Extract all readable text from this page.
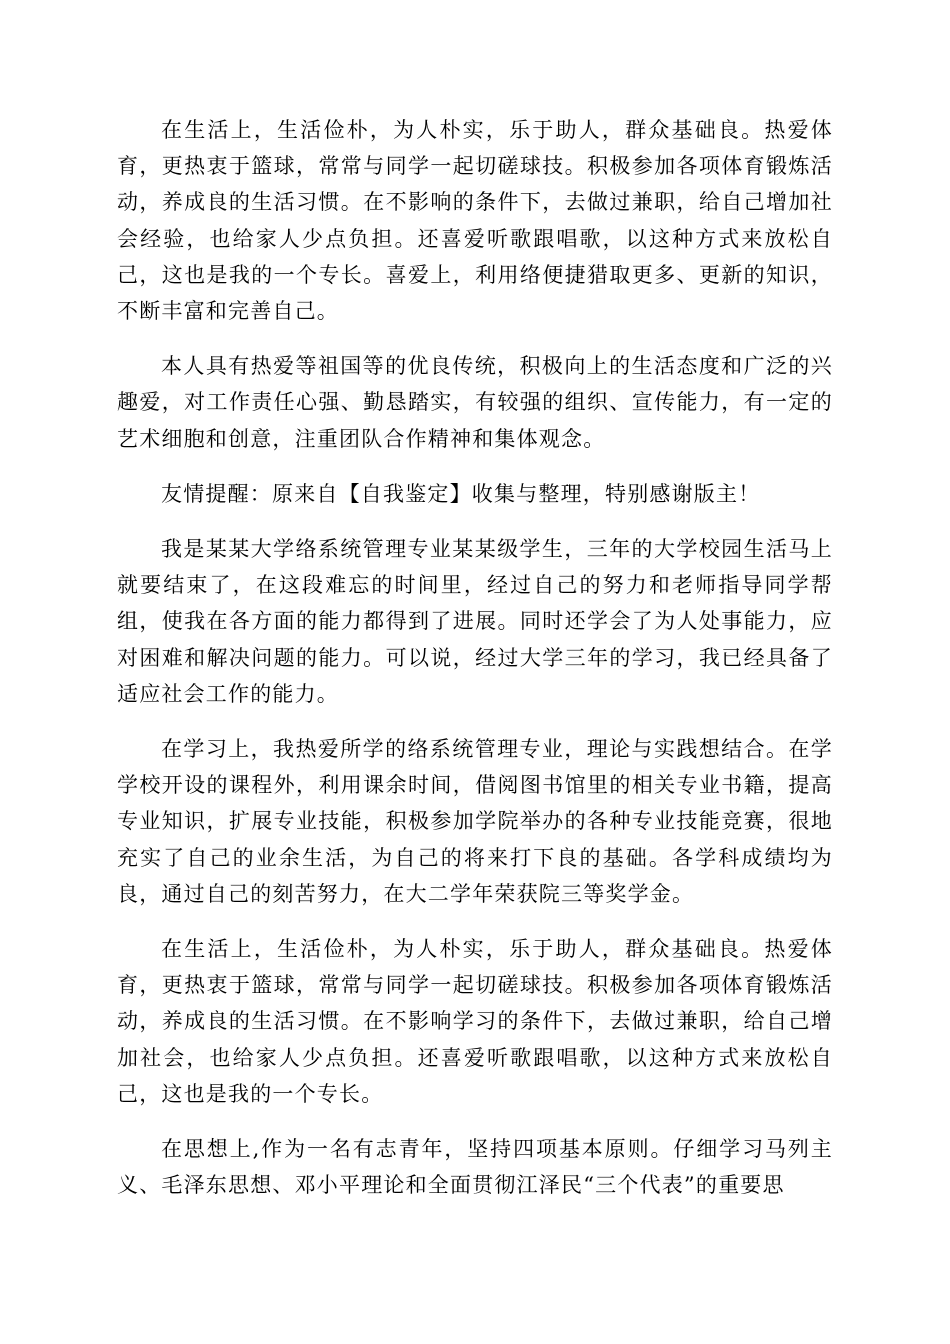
在生活上，生活俭朴，为人朴实，乐于助人，群众基础良。热爱体育，更热衷于篮球，常常与同学一起切磋球技。积极参加各项体育锻炼活动，养成良的生活习惯。在不影响的条件下，去做过兼职，给自己增加社会经验，也给家人少点负担。还喜爱听歌跟唱歌，以这种方式来放松自己，这也是我的一个专长。喜爱上，利用络便捷猎取更多、更新的知识，不断丰富和完善自己。

本人具有热爱等祖国等的优良传统，积极向上的生活态度和广泛的兴趣爱，对工作责任心强、勤恳踏实，有较强的组织、宣传能力，有一定的艺术细胞和创意，注重团队合作精神和集体观念。

友情提醒：原来自【自我鉴定】收集与整理，特别感谢版主！

我是某某大学络系统管理专业某某级学生，三年的大学校园生活马上就要结束了，在这段难忘的时间里，经过自己的努力和老师指导同学帮组，使我在各方面的能力都得到了进展。同时还学会了为人处事能力，应对困难和解决问题的能力。可以说，经过大学三年的学习，我已经具备了适应社会工作的能力。

在学习上，我热爱所学的络系统管理专业，理论与实践想结合。在学学校开设的课程外，利用课余时间，借阅图书馆里的相关专业书籍，提高专业知识，扩展专业技能，积极参加学院举办的各种专业技能竞赛，很地充实了自己的业余生活，为自己的将来打下良的基础。各学科成绩均为良，通过自己的刻苦努力，在大二学年荣获院三等奖学金。

在生活上，生活俭朴，为人朴实，乐于助人，群众基础良。热爱体育，更热衷于篮球，常常与同学一起切磋球技。积极参加各项体育锻炼活动，养成良的生活习惯。在不影响学习的条件下，去做过兼职，给自己增加社会，也给家人少点负担。还喜爱听歌跟唱歌，以这种方式来放松自己，这也是我的一个专长。

在思想上,作为一名有志青年，坚持四项基本原则。仔细学习马列主义、毛泽东思想、邓小平理论和全面贯彻江泽民“三个代表”的重要思
